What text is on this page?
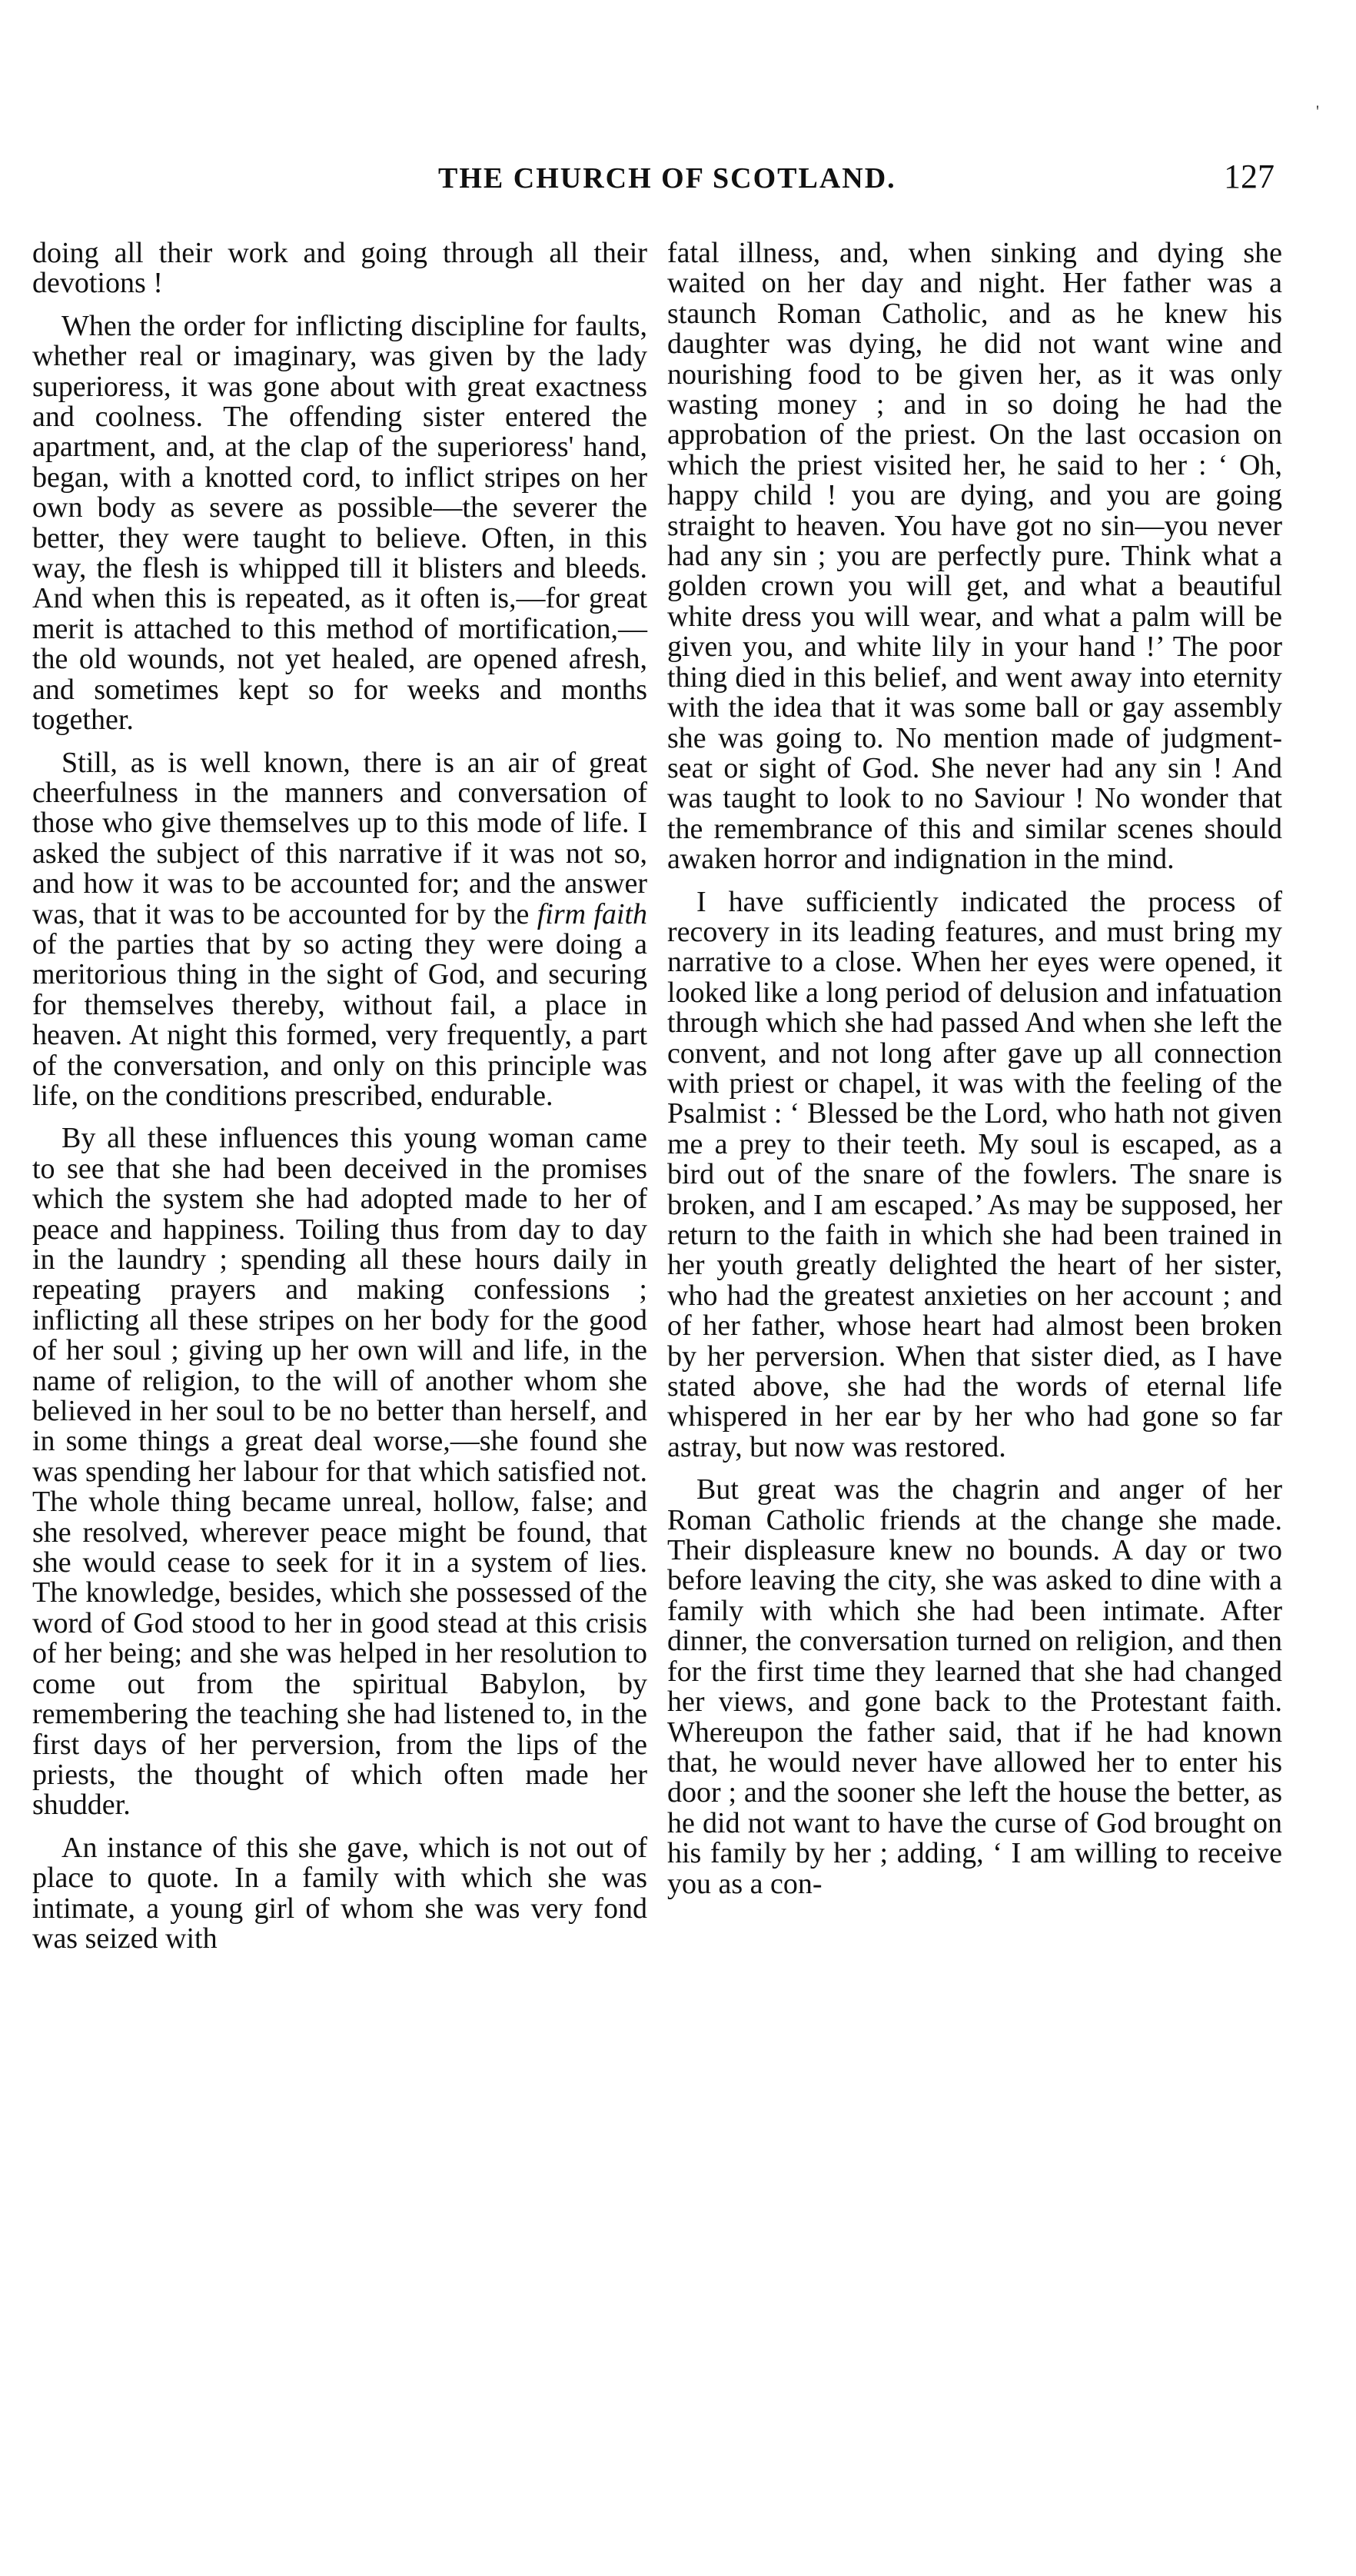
THE CHURCH OF SCOTLAND.	127
'

doing all their work and going through all their devotions !

When the order for inflicting discipline for faults, whether real or imaginary, was given by the lady superioress, it was gone about with great exactness and coolness. The offending sister entered the apartment, and, at the clap of the superioress' hand, began, with a knotted cord, to inflict stripes on her own body as severe as possible—the severer the better, they were taught to believe. Often, in this way, the flesh is whipped till it blisters and bleeds. And when this is repeated, as it often is,—for great merit is attached to this method of mortification,—the old wounds, not yet healed, are opened afresh, and sometimes kept so for weeks and months together.

Still, as is well known, there is an air of great cheerfulness in the manners and conversation of those who give themselves up to this mode of life. I asked the subject of this narrative if it was not so, and how it was to be accounted for; and the answer was, that it was to be accounted for by the firm faith of the parties that by so acting they were doing a meritorious thing in the sight of God, and securing for themselves thereby, without fail, a place in heaven. At night this formed, very frequently, a part of the conversation, and only on this principle was life, on the conditions prescribed, endurable.

By all these influences this young woman came to see that she had been deceived in the promises which the system she had adopted made to her of peace and happiness. Toiling thus from day to day in the laundry ; spending all these hours daily in repeating prayers and making confessions ; inflicting all these stripes on her body for the good of her soul ; giving up her own will and life, in the name of religion, to the will of another whom she believed in her soul to be no better than herself, and in some things a great deal worse,—she found she was spending her labour for that which satisfied not. The whole thing became unreal, hollow, false; and she resolved, wherever peace might be found, that she would cease to seek for it in a system of lies. The knowledge, besides, which she possessed of the word of God stood to her in good stead at this crisis of her being; and she was helped in her resolution to come out from the spiritual Babylon, by remembering the teaching she had listened to, in the first days of her perversion, from the lips of the priests, the thought of which often made her shudder.

An instance of this she gave, which is not out of place to quote. In a family with which she was intimate, a young girl of whom she was very fond was seized with

fatal illness, and, when sinking and dying she waited on her day and night. Her father was a staunch Roman Catholic, and as he knew his daughter was dying, he did not want wine and nourishing food to be given her, as it was only wasting money ; and in so doing he had the approbation of the priest. On the last occasion on which the priest visited her, he said to her : ‘ Oh, happy child ! you are dying, and you are going straight to heaven. You have got no sin—you never had any sin ; you are perfectly pure. Think what a golden crown you will get, and what a beautiful white dress you will wear, and what a palm will be given you, and white lily in your hand !’ The poor thing died in this belief, and went away into eternity with the idea that it was some ball or gay assembly she was going to. No mention made of judgment-seat or sight of God. She never had any sin ! And was taught to look to no Saviour ! No wonder that the remembrance of this and similar scenes should awaken horror and indignation in the mind.

I have sufficiently indicated the process of recovery in its leading features, and must bring my narrative to a close. When her eyes were opened, it looked like a long period of delusion and infatuation through which she had passed And when she left the convent, and not long after gave up all connection with priest or chapel, it was with the feeling of the Psalmist : ‘ Blessed be the Lord, who hath not given me a prey to their teeth. My soul is escaped, as a bird out of the snare of the fowlers. The snare is broken, and I am escaped.’ As may be supposed, her return to the faith in which she had been trained in her youth greatly delighted the heart of her sister, who had the greatest anxieties on her account ; and of her father, whose heart had almost been broken by her perversion. When that sister died, as I have stated above, she had the words of eternal life whispered in her ear by her who had gone so far astray, but now was restored.

But great was the chagrin and anger of her Roman Catholic friends at the change she made. Their displeasure knew no bounds. A day or two before leaving the city, she was asked to dine with a family with which she had been intimate. After dinner, the conversation turned on religion, and then for the first time they learned that she had changed her views, and gone back to the Protestant faith. Whereupon the father said, that if he had known that, he would never have allowed her to enter his door ; and the sooner she left the house the better, as he did not want to have the curse of God brought on his family by her ; adding, ‘ I am willing to receive you as a con-
